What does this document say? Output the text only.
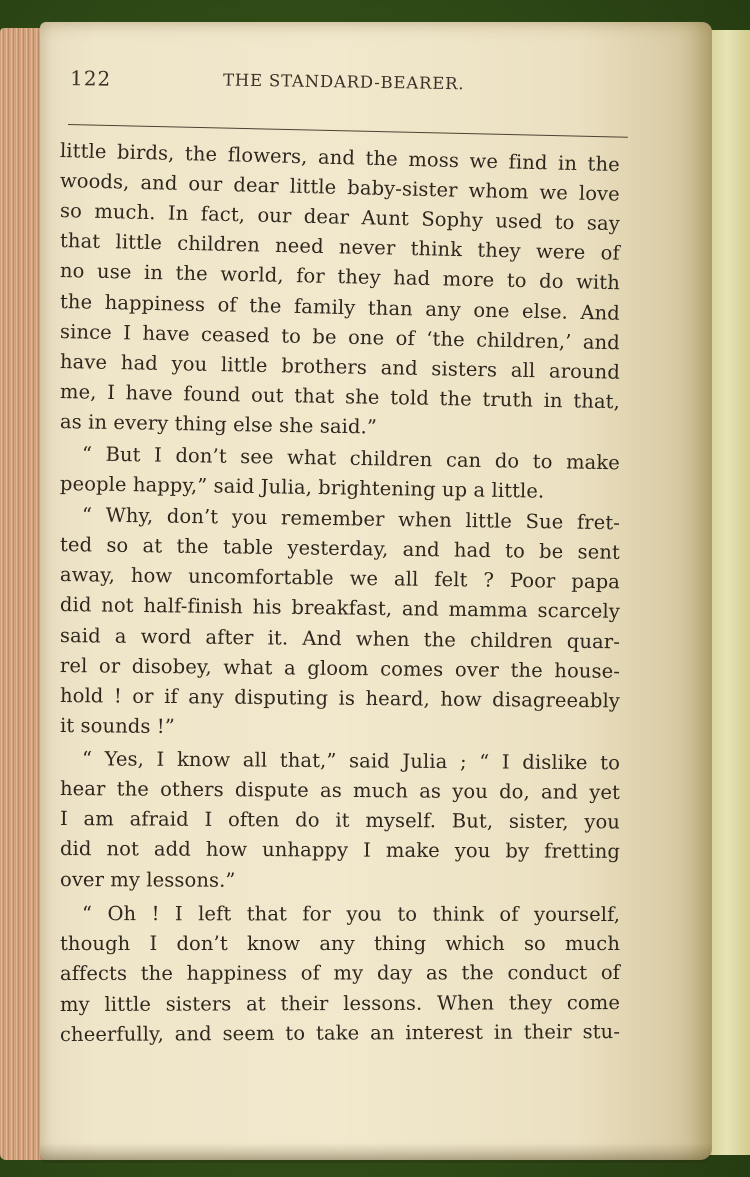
122	THE STANDARD-BEARER.
little birds, the flowers, and the moss we find in the
woods, and our dear little baby-sister whom we love
so much. In fact, our dear Aunt Sophy used to say
that little children need never think they were of
no use in the world, for they had more to do with
the happiness of the family than any one else. And
since I have ceased to be one of ‘the children,’ and
have had you little brothers and sisters all around
me, I have found out that she told the truth in that,
as in every thing else she said.”
“ But I don’t see what children can do to make
people happy,” said Julia, brightening up a little.
“ Why, don’t you remember when little Sue fret-
ted so at the table yesterday, and had to be sent
away, how uncomfortable we all felt ? Poor papa
did not half-finish his breakfast, and mamma scarcely
said a word after it. And when the children quar-
rel or disobey, what a gloom comes over the house-
hold ! or if any disputing is heard, how disagreeably
it sounds !”
“ Yes, I know all that,” said Julia ; “ I dislike to
hear the others dispute as much as you do, and yet
I am afraid I often do it myself. But, sister, you
did not add how unhappy I make you by fretting
over my lessons.”
“ Oh ! I left that for you to think of yourself,
though I don’t know any thing which so much
affects the happiness of my day as the conduct of
my little sisters at their lessons. When they come
cheerfully, and seem to take an interest in their stu-
